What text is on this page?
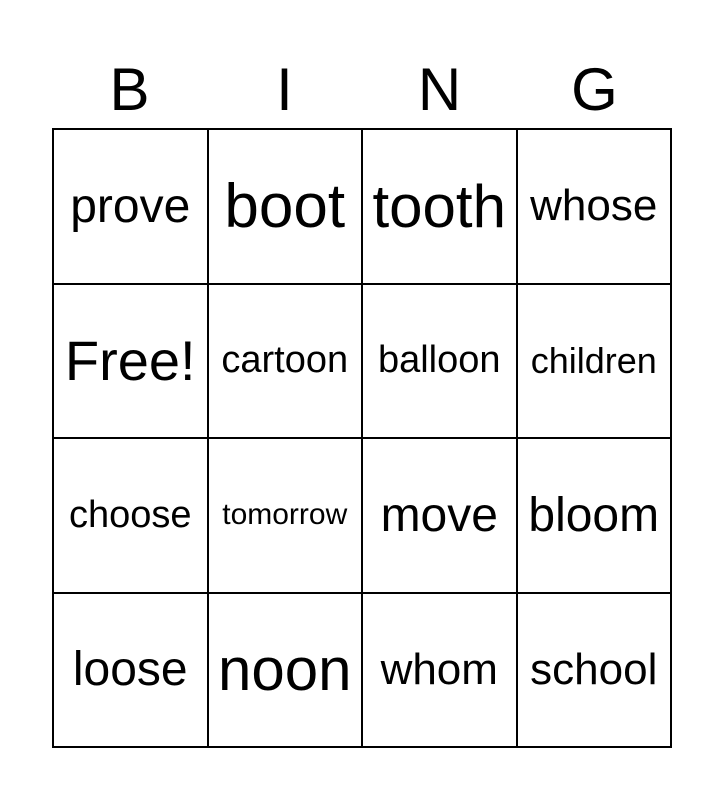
B	I	N	G
prove boot tooth whose
Free! cartoon balloon children
choose	tomorrow move bloom
loose noon whom school
